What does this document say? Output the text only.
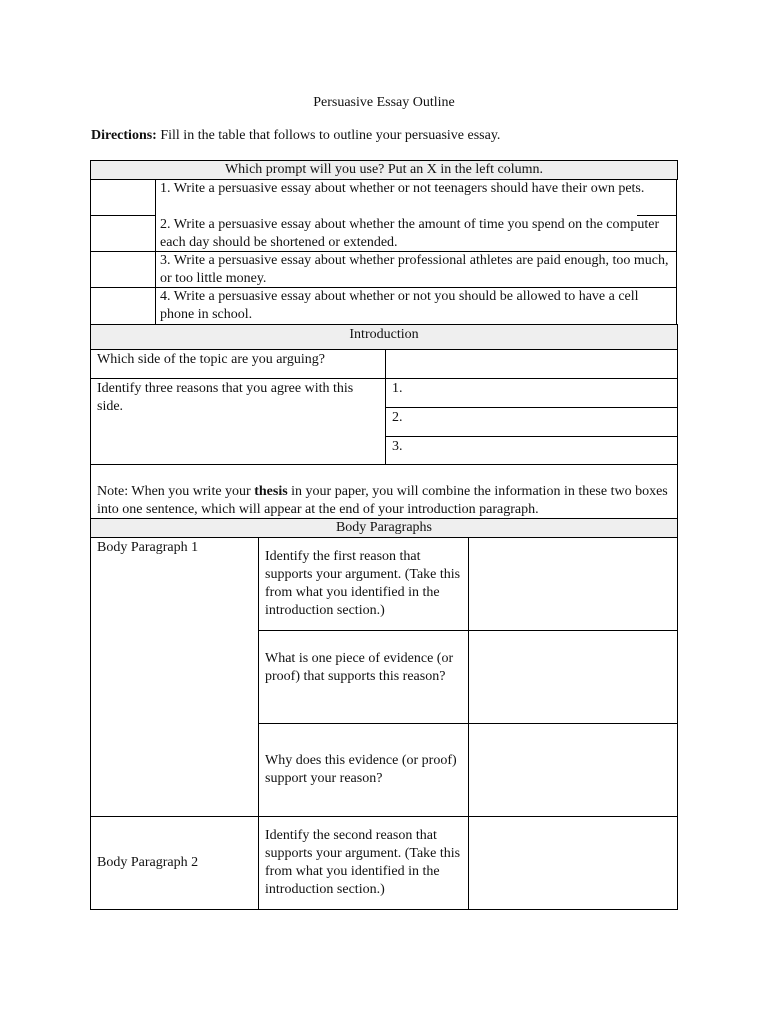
Persuasive Essay Outline
Directions: Fill in the table that follows to outline your persuasive essay.
Which prompt will you use? Put an X in the left column.
1. Write a persuasive essay about whether or not teenagers should have their own pets.
2. Write a persuasive essay about whether the amount of time you spend on the computer each day should be shortened or extended.
3. Write a persuasive essay about whether professional athletes are paid enough, too much, or too little money.
4. Write a persuasive essay about whether or not you should be allowed to have a cell phone in school.
Introduction
Which side of the topic are you arguing?
Identify three reasons that you agree with this side.
1.
2.
3.
Note: When you write your thesis in your paper, you will combine the information in these two boxes into one sentence, which will appear at the end of your introduction paragraph.
Body Paragraphs
Body Paragraph 1
Identify the first reason that supports your argument. (Take this from what you identified in the introduction section.)
What is one piece of evidence (or proof) that supports this reason?
Why does this evidence (or proof) support your reason?
Body Paragraph 2
Identify the second reason that supports your argument. (Take this from what you identified in the introduction section.)
